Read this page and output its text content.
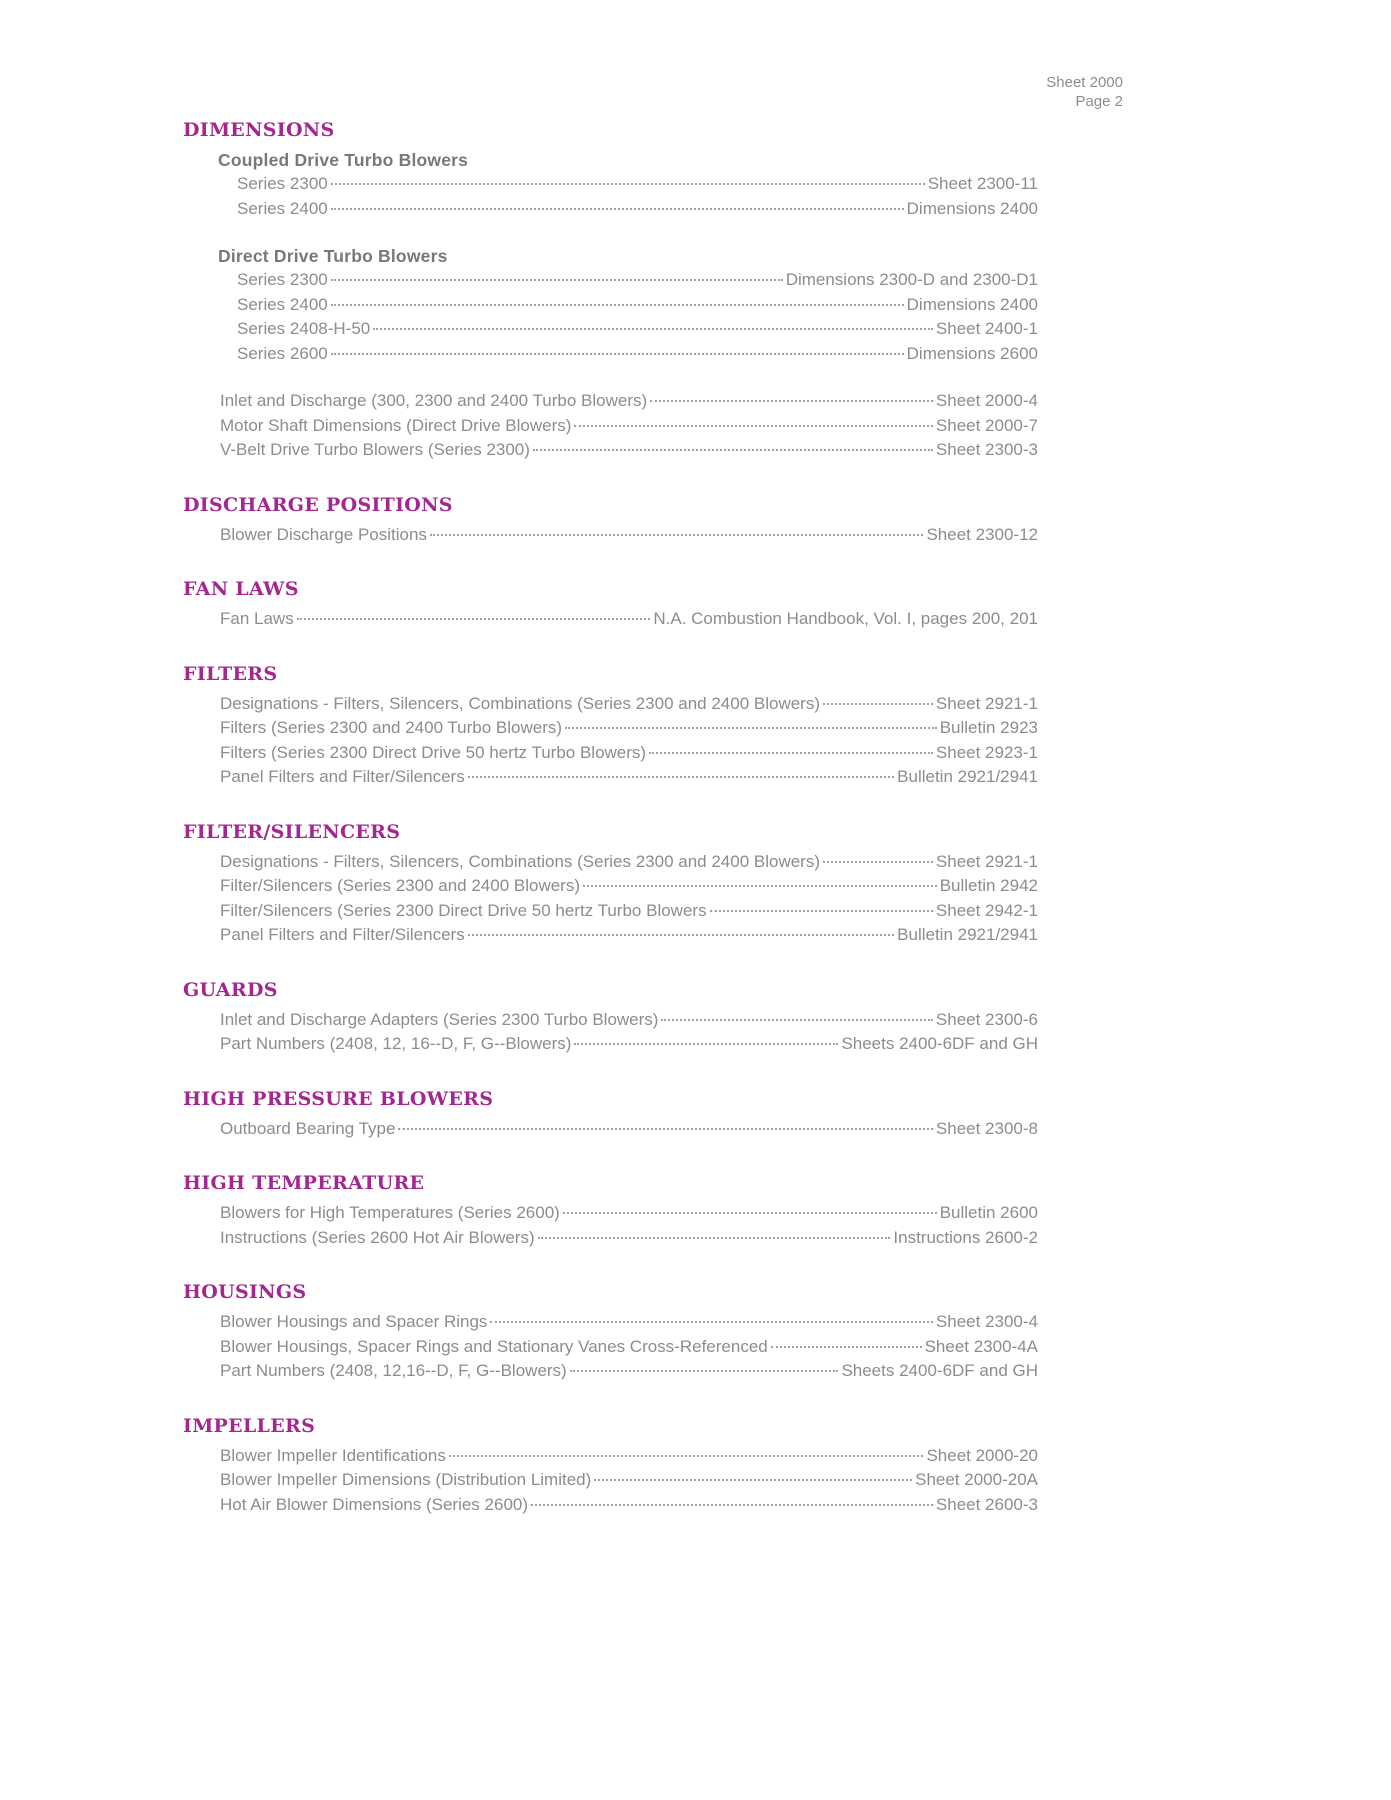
Sheet 2000
Page 2
DIMENSIONS
Coupled Drive Turbo Blowers
Series 2300	Sheet 2300-11
Series 2400	Dimensions 2400
Direct Drive Turbo Blowers
Series 2300	Dimensions 2300-D and 2300-D1
Series 2400	Dimensions 2400
Series 2408-H-50	Sheet 2400-1
Series 2600	Dimensions 2600
Inlet and Discharge (300, 2300 and 2400 Turbo Blowers)	Sheet 2000-4
Motor Shaft Dimensions (Direct Drive Blowers)	Sheet 2000-7
V-Belt Drive Turbo Blowers (Series 2300)	Sheet 2300-3
DISCHARGE POSITIONS
Blower Discharge Positions	Sheet 2300-12
FAN LAWS
Fan Laws	N.A. Combustion Handbook, Vol. I, pages 200, 201
FILTERS
Designations - Filters, Silencers, Combinations (Series 2300 and 2400 Blowers)	Sheet 2921-1
Filters (Series 2300 and 2400 Turbo Blowers)	Bulletin 2923
Filters (Series 2300 Direct Drive 50 hertz Turbo Blowers)	Sheet 2923-1
Panel Filters and Filter/Silencers	Bulletin 2921/2941
FILTER/SILENCERS
Designations - Filters, Silencers, Combinations (Series 2300 and 2400 Blowers)	Sheet 2921-1
Filter/Silencers (Series 2300 and 2400 Blowers)	Bulletin 2942
Filter/Silencers (Series 2300 Direct Drive 50 hertz Turbo Blowers	Sheet 2942-1
Panel Filters and Filter/Silencers	Bulletin 2921/2941
GUARDS
Inlet and Discharge Adapters (Series 2300 Turbo Blowers)	Sheet 2300-6
Part Numbers (2408, 12, 16--D, F, G--Blowers)	Sheets 2400-6DF and GH
HIGH PRESSURE BLOWERS
Outboard Bearing Type	Sheet 2300-8
HIGH TEMPERATURE
Blowers for High Temperatures (Series 2600)	Bulletin 2600
Instructions (Series 2600 Hot Air Blowers)	Instructions 2600-2
HOUSINGS
Blower Housings and Spacer Rings	Sheet 2300-4
Blower Housings, Spacer Rings and Stationary Vanes Cross-Referenced	Sheet 2300-4A
Part Numbers (2408, 12,16--D, F, G--Blowers)	Sheets 2400-6DF and GH
IMPELLERS
Blower Impeller Identifications	Sheet 2000-20
Blower Impeller Dimensions (Distribution Limited)	Sheet 2000-20A
Hot Air Blower Dimensions (Series 2600)	Sheet 2600-3
